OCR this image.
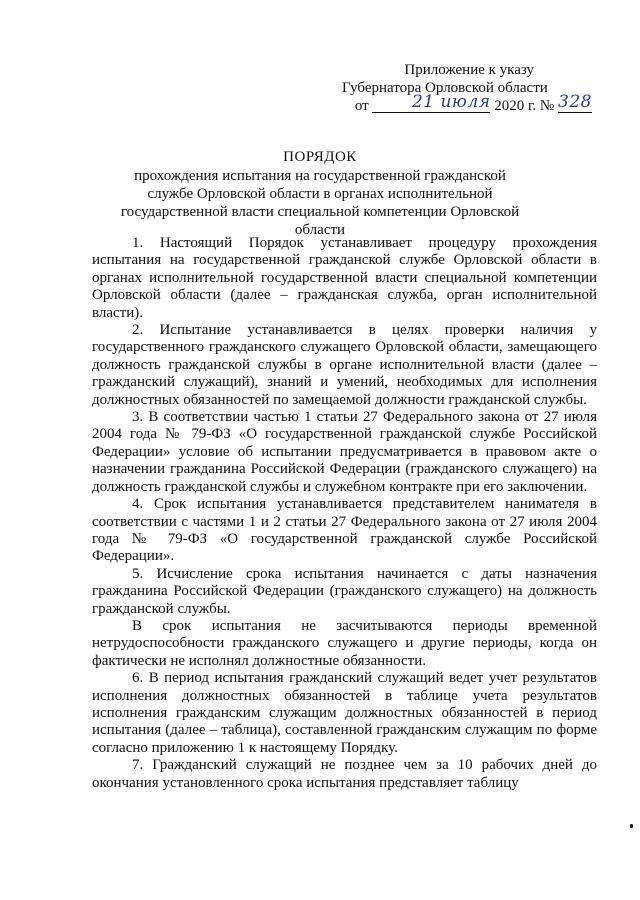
Приложение к указу
Губернатора Орловской области
от	21 июля 2020 г. № 328
ПОРЯДОК
прохождения испытания на государственной гражданской службе Орловской области в органах исполнительной государственной власти специальной компетенции Орловской области

1. Настоящий Порядок устанавливает процедуру прохождения испытания на государственной гражданской службе Орловской области в органах исполнительной государственной власти специальной компетенции Орловской области (далее – гражданская служба, орган исполнительной власти).

2. Испытание устанавливается в целях проверки наличия у государственного гражданского служащего Орловской области, замещающего должность гражданской службы в органе исполнительной власти (далее – гражданский служащий), знаний и умений, необходимых для исполнения должностных обязанностей по замещаемой должности гражданской службы.

3. В соответствии частью 1 статьи 27 Федерального закона от 27 июля 2004 года № 79-ФЗ «О государственной гражданской службе Российской Федерации» условие об испытании предусматривается в правовом акте о назначении гражданина Российской Федерации (гражданского служащего) на должность гражданской службы и служебном контракте при его заключении.

4. Срок испытания устанавливается представителем нанимателя в соответствии с частями 1 и 2 статьи 27 Федерального закона от 27 июля 2004 года № 79-ФЗ «О государственной гражданской службе Российской Федерации».

5. Исчисление срока испытания начинается с даты назначения гражданина Российской Федерации (гражданского служащего) на должность гражданской службы.

В срок испытания не засчитываются периоды временной нетрудоспособности гражданского служащего и другие периоды, когда он фактически не исполнял должностные обязанности.

6. В период испытания гражданский служащий ведет учет результатов исполнения должностных обязанностей в таблице учета результатов исполнения гражданским служащим должностных обязанностей в период испытания (далее – таблица), составленной гражданским служащим по форме согласно приложению 1 к настоящему Порядку.

7. Гражданский служащий не позднее чем за 10 рабочих дней до окончания установленного срока испытания представляет таблицу
